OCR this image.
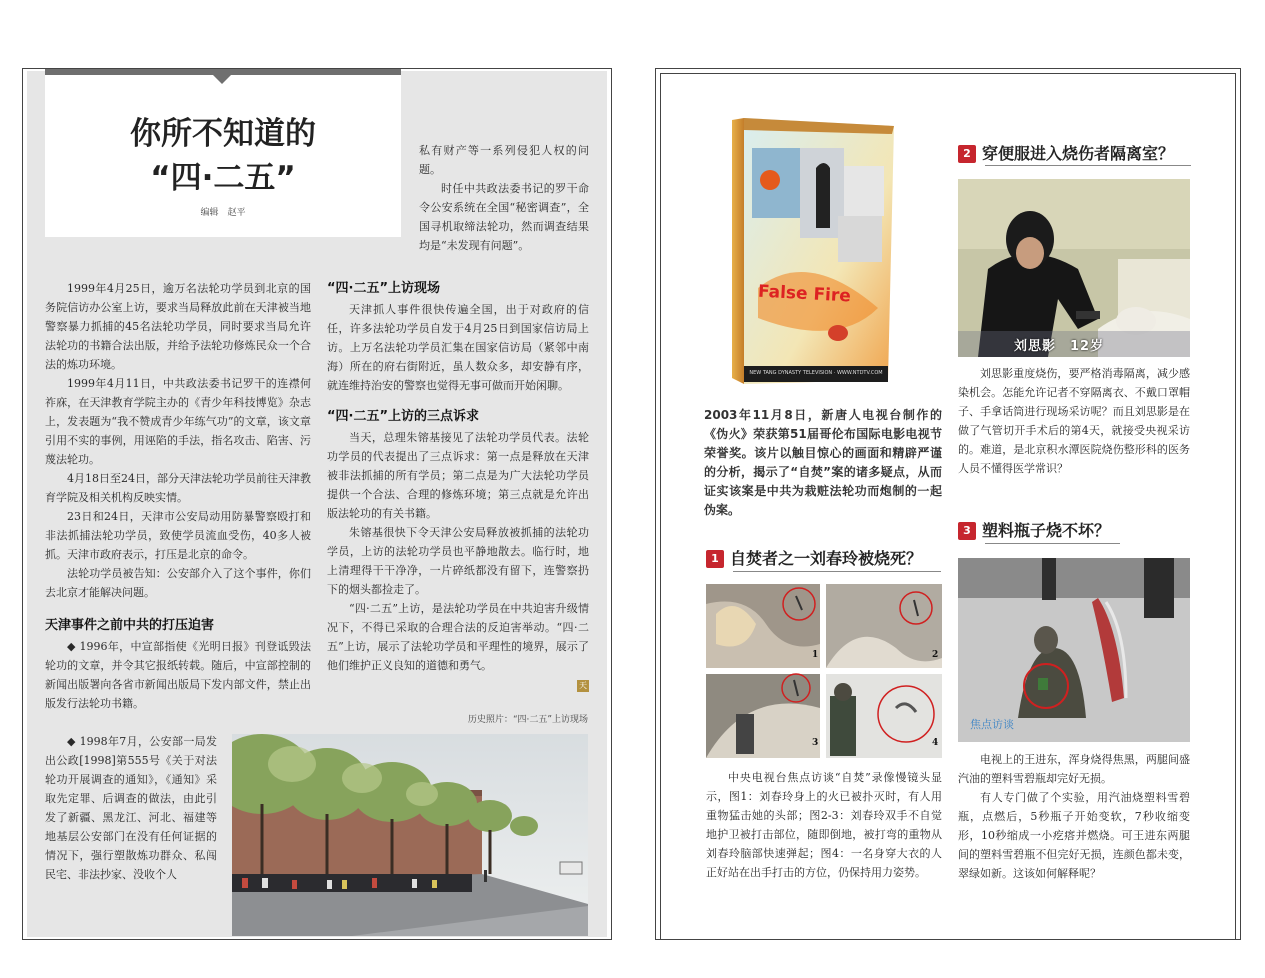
你所不知道的
“四·二五”
编辑　赵平

私有财产等一系列侵犯人权的问题。

时任中共政法委书记的罗干命令公安系统在全国“秘密调查”，全国寻机取缔法轮功，然而调查结果均是“未发现有问题”。

1999年4月25日，逾万名法轮功学员到北京的国务院信访办公室上访，要求当局释放此前在天津被当地警察暴力抓捕的45名法轮功学员，同时要求当局允许法轮功的书籍合法出版，并给予法轮功修炼民众一个合法的炼功环境。

1999年4月11日，中共政法委书记罗干的连襟何祚庥，在天津教育学院主办的《青少年科技博览》杂志上，发表题为“我不赞成青少年练气功”的文章，该文章引用不实的事例，用诬陷的手法，指名攻击、陷害、污蔑法轮功。

4月18日至24日，部分天津法轮功学员前往天津教育学院及相关机构反映实情。

23日和24日，天津市公安局动用防暴警察殴打和非法抓捕法轮功学员，致使学员流血受伤，40多人被抓。天津市政府表示，打压是北京的命令。

法轮功学员被告知：公安部介入了这个事件，你们去北京才能解决问题。

天津事件之前中共的打压迫害

◆ 1996年，中宣部指使《光明日报》刊登诋毁法轮功的文章，并令其它报纸转载。随后，中宣部控制的新闻出版署向各省市新闻出版局下发内部文件，禁止出版发行法轮功书籍。

◆ 1998年7月，公安部一局发出公政[1998]第555号《关于对法轮功开展调查的通知》，《通知》采取先定罪、后调查的做法，由此引发了新疆、黑龙江、河北、福建等地基层公安部门在没有任何证据的情况下，强行塑散炼功群众、私闯民宅、非法抄家、没收个人

“四·二五”上访现场

天津抓人事件很快传遍全国，出于对政府的信任，许多法轮功学员自发于4月25日到国家信访局上访。上万名法轮功学员汇集在国家信访局（紧邻中南海）所在的府右街附近，虽人数众多，却安静有序，就连维持治安的警察也觉得无事可做而开始闲聊。

“四·二五”上访的三点诉求

当天，总理朱镕基接见了法轮功学员代表。法轮功学员的代表提出了三点诉求：第一点是释放在天津被非法抓捕的所有学员；第二点是为广大法轮功学员提供一个合法、合理的修炼环境；第三点就是允许出版法轮功的有关书籍。

朱镕基很快下令天津公安局释放被抓捕的法轮功学员，上访的法轮功学员也平静地散去。临行时，地上清理得干干净净，一片碎纸都没有留下，连警察扔下的烟头都捡走了。

“四·二五”上访，是法轮功学员在中共迫害升级情况下，不得已采取的合理合法的反迫害举动。“四·二五”上访，展示了法轮功学员和平理性的境界，展示了他们维护正义良知的道德和勇气。

天
历史照片：“四·二五”上访现场
False Fire
NEW TANG DYNASTY TELEVISION · WWW.NTDTV.COM
2003年11月8日，新唐人电视台制作的《伪火》荣获第51届哥伦布国际电影电视节荣誉奖。该片以触目惊心的画面和精辟严谨的分析，揭示了“自焚”案的诸多疑点，从而证实该案是中共为栽赃法轮功而炮制的一起伪案。
1 自焚者之一刘春玲被烧死？
1	2
3	4

中央电视台焦点访谈“自焚”录像慢镜头显示，图1：刘春玲身上的火已被扑灭时，有人用重物猛击她的头部；图2-3：刘春玲双手不自觉地护卫被打击部位，随即倒地，被打弯的重物从刘春玲脑部快速弹起；图4：一名身穿大衣的人正好站在出手打击的方位，仍保持用力姿势。

2 穿便服进入烧伤者隔离室？
刘思影　12岁

刘思影重度烧伤，要严格消毒隔离，减少感染机会。怎能允许记者不穿隔离衣、不戴口罩帽子、手拿话筒进行现场采访呢？而且刘思影是在做了气管切开手术后的第4天，就接受央视采访的。难道，是北京积水潭医院烧伤整形科的医务人员不懂得医学常识？

3 塑料瓶子烧不坏？
焦点访谈

电视上的王进东，浑身烧得焦黑，两腿间盛汽油的塑料雪碧瓶却完好无损。

有人专门做了个实验，用汽油烧塑料雪碧瓶，点燃后，5秒瓶子开始变软，7秒收缩变形，10秒缩成一小疙瘩并燃烧。可王进东两腿间的塑料雪碧瓶不但完好无损，连颜色都未变，翠绿如新。这该如何解释呢？
